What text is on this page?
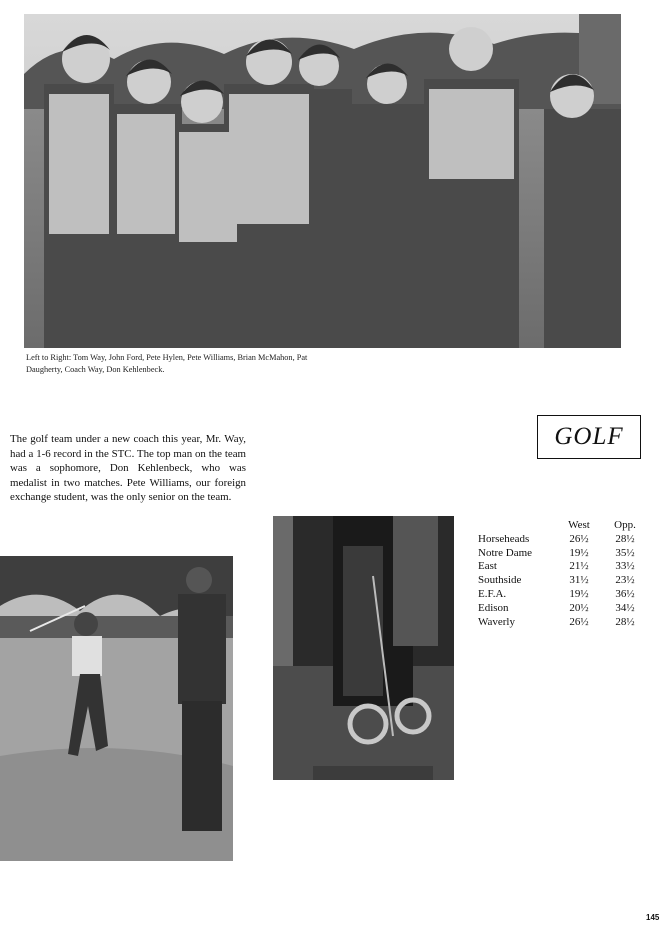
Left to Right: Tom Way, John Ford, Pete Hylen, Pete Williams, Brian McMahon, Pat Daugherty, Coach Way, Don Kehlenbeck.
GOLF
The golf team under a new coach this year, Mr. Way, had a 1-6 record in the STC. The top man on the team was a sophomore, Don Kehlenbeck, who was medalist in two matches. Pete Williams, our foreign exchange student, was the only senior on the team.
	West	Opp.
Horseheads	26½	28½
Notre Dame	19½	35½
East	21½	33½
Southside	31½	23½
E.F.A.	19½	36½
Edison	20½	34½
Waverly	26½	28½
145
